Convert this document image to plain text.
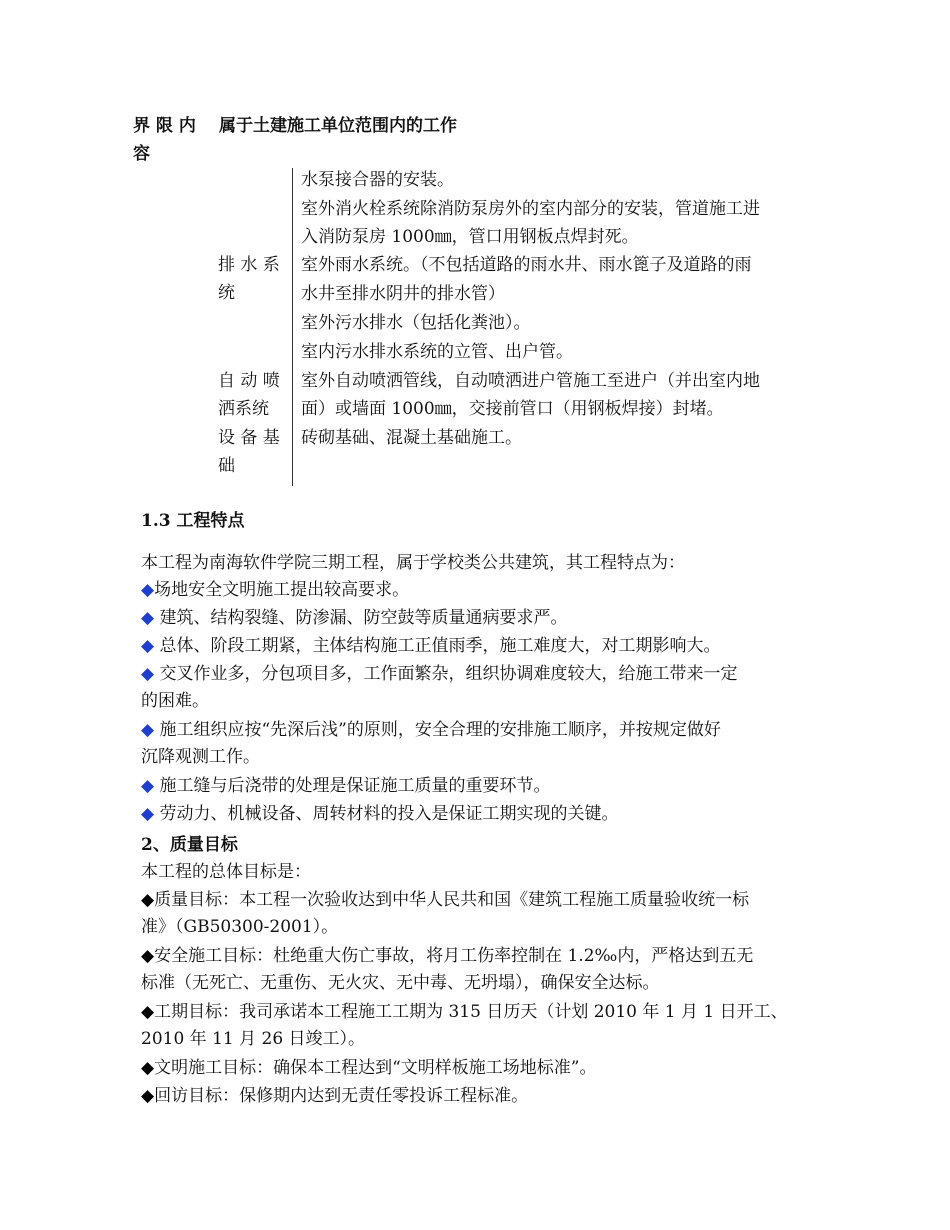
界 限 内
容
属于土建施工单位范围内的工作
排 水 系
统
自 动 喷
洒系统
设 备 基
础
水泵接合器的安装。
室外消火栓系统除消防泵房外的室内部分的安装，管道施工进
入消防泵房 1000㎜，管口用钢板点焊封死。
室外雨水系统。（不包括道路的雨水井、雨水篦子及道路的雨
水井至排水阴井的排水管）
室外污水排水（包括化粪池）。
室内污水排水系统的立管、出户管。
室外自动喷洒管线，自动喷洒进户管施工至进户（并出室内地
面）或墙面 1000㎜，交接前管口（用钢板焊接）封堵。
砖砌基础、混凝土基础施工。
1.3 工程特点
本工程为南海软件学院三期工程，属于学校类公共建筑，其工程特点为：
◆场地安全文明施工提出较高要求。
◆ 建筑、结构裂缝、防渗漏、防空鼓等质量通病要求严。
◆ 总体、阶段工期紧，主体结构施工正值雨季，施工难度大，对工期影响大。
◆ 交叉作业多，分包项目多，工作面繁杂，组织协调难度较大，给施工带来一定
的困难。
◆ 施工组织应按“先深后浅”的原则，安全合理的安排施工顺序，并按规定做好
沉降观测工作。
◆ 施工缝与后浇带的处理是保证施工质量的重要环节。
◆ 劳动力、机械设备、周转材料的投入是保证工期实现的关键。
2、质量目标
本工程的总体目标是：
◆质量目标：本工程一次验收达到中华人民共和国《建筑工程施工质量验收统一标
准》（GB50300-2001）。
◆安全施工目标：杜绝重大伤亡事故，将月工伤率控制在 1.2‰内，严格达到五无
标准（无死亡、无重伤、无火灾、无中毒、无坍塌），确保安全达标。
◆工期目标：我司承诺本工程施工工期为 315 日历天（计划 2010 年 1 月 1 日开工、
2010 年 11 月 26 日竣工）。
◆文明施工目标：确保本工程达到“文明样板施工场地标准”。
◆回访目标：保修期内达到无责任零投诉工程标准。
